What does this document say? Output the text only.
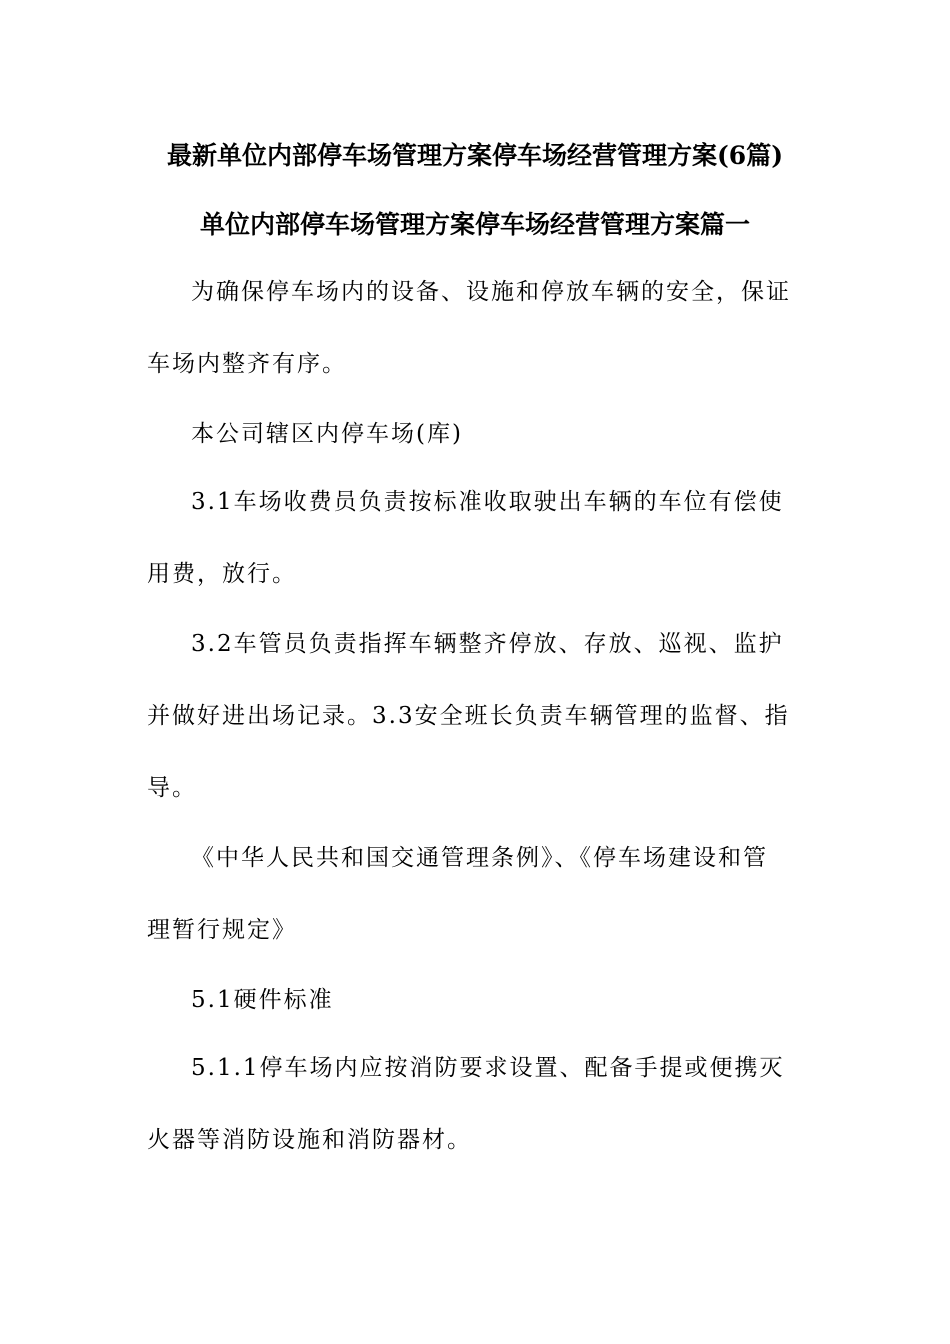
最新单位内部停车场管理方案停车场经营管理方案(6篇)
单位内部停车场管理方案停车场经营管理方案篇一

为确保停车场内的设备、设施和停放车辆的安全，保证
车场内整齐有序。

本公司辖区内停车场(库)

3.1车场收费员负责按标准收取驶出车辆的车位有偿使
用费，放行。

3.2车管员负责指挥车辆整齐停放、存放、巡视、监护
并做好进出场记录。3.3安全班长负责车辆管理的监督、指
导。

《中华人民共和国交通管理条例》、《停车场建设和管
理暂行规定》

5.1硬件标准

5.1.1停车场内应按消防要求设置、配备手提或便携灭
火器等消防设施和消防器材。
